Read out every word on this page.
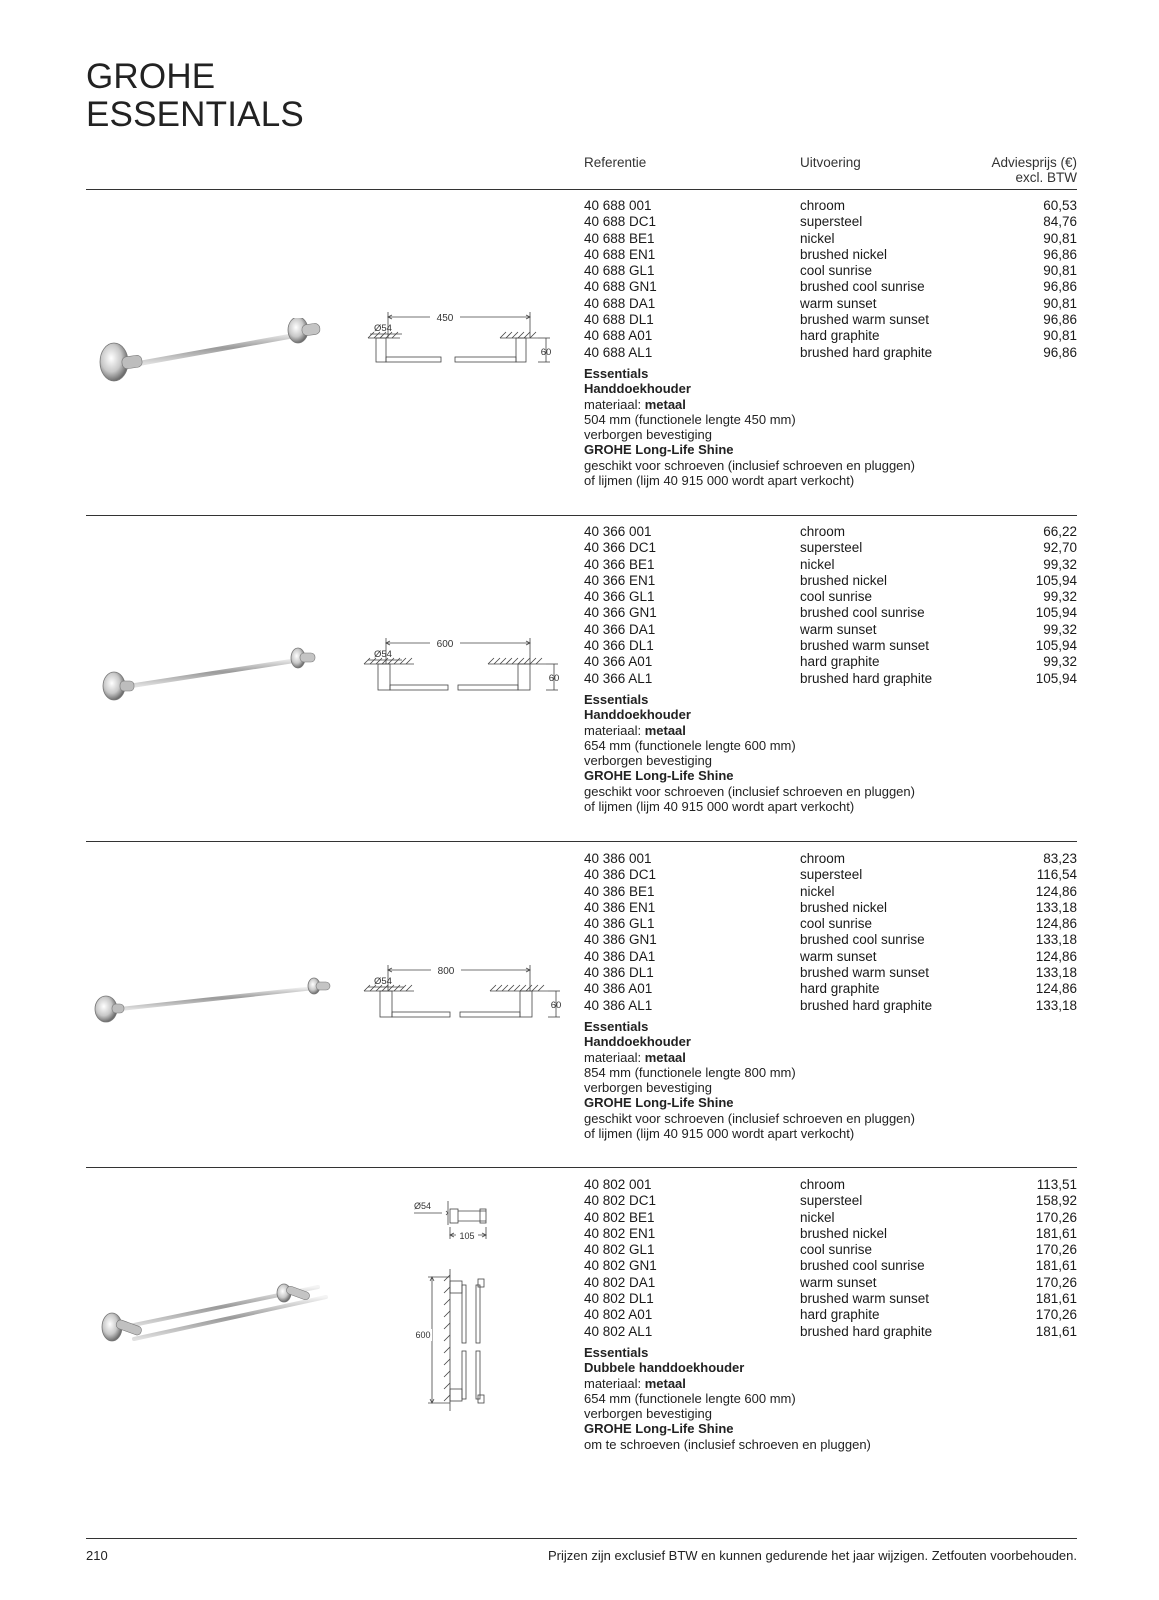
GROHE
ESSENTIALS
Referentie	Uitvoering	Adviesprijs (€)
excl. BTW
450
Ø54
60
40 688 001	chroom	60,53
40 688 DC1	supersteel	84,76
40 688 BE1	nickel	90,81
40 688 EN1	brushed nickel	96,86
40 688 GL1	cool sunrise	90,81
40 688 GN1	brushed cool sunrise	96,86
40 688 DA1	warm sunset	90,81
40 688 DL1	brushed warm sunset	96,86
40 688 A01	hard graphite	90,81
40 688 AL1	brushed hard graphite	96,86
Essentials
Handdoekhouder
materiaal: metaal
504 mm (functionele lengte 450 mm)
verborgen bevestiging
GROHE Long-Life Shine
geschikt voor schroeven (inclusief schroeven en pluggen)
of lijmen (lijm 40 915 000 wordt apart verkocht)
600
Ø54
60
40 366 001	chroom	66,22
40 366 DC1	supersteel	92,70
40 366 BE1	nickel	99,32
40 366 EN1	brushed nickel	105,94
40 366 GL1	cool sunrise	99,32
40 366 GN1	brushed cool sunrise	105,94
40 366 DA1	warm sunset	99,32
40 366 DL1	brushed warm sunset	105,94
40 366 A01	hard graphite	99,32
40 366 AL1	brushed hard graphite	105,94
Essentials
Handdoekhouder
materiaal: metaal
654 mm (functionele lengte 600 mm)
verborgen bevestiging
GROHE Long-Life Shine
geschikt voor schroeven (inclusief schroeven en pluggen)
of lijmen (lijm 40 915 000 wordt apart verkocht)
800
Ø54
60
40 386 001	chroom	83,23
40 386 DC1	supersteel	116,54
40 386 BE1	nickel	124,86
40 386 EN1	brushed nickel	133,18
40 386 GL1	cool sunrise	124,86
40 386 GN1	brushed cool sunrise	133,18
40 386 DA1	warm sunset	124,86
40 386 DL1	brushed warm sunset	133,18
40 386 A01	hard graphite	124,86
40 386 AL1	brushed hard graphite	133,18
Essentials
Handdoekhouder
materiaal: metaal
854 mm (functionele lengte 800 mm)
verborgen bevestiging
GROHE Long-Life Shine
geschikt voor schroeven (inclusief schroeven en pluggen)
of lijmen (lijm 40 915 000 wordt apart verkocht)
Ø54
105
600
40 802 001	chroom	113,51
40 802 DC1	supersteel	158,92
40 802 BE1	nickel	170,26
40 802 EN1	brushed nickel	181,61
40 802 GL1	cool sunrise	170,26
40 802 GN1	brushed cool sunrise	181,61
40 802 DA1	warm sunset	170,26
40 802 DL1	brushed warm sunset	181,61
40 802 A01	hard graphite	170,26
40 802 AL1	brushed hard graphite	181,61
Essentials
Dubbele handdoekhouder
materiaal: metaal
654 mm (functionele lengte 600 mm)
verborgen bevestiging
GROHE Long-Life Shine
om te schroeven (inclusief schroeven en pluggen)
210	Prijzen zijn exclusief BTW en kunnen gedurende het jaar wijzigen. Zetfouten voorbehouden.
